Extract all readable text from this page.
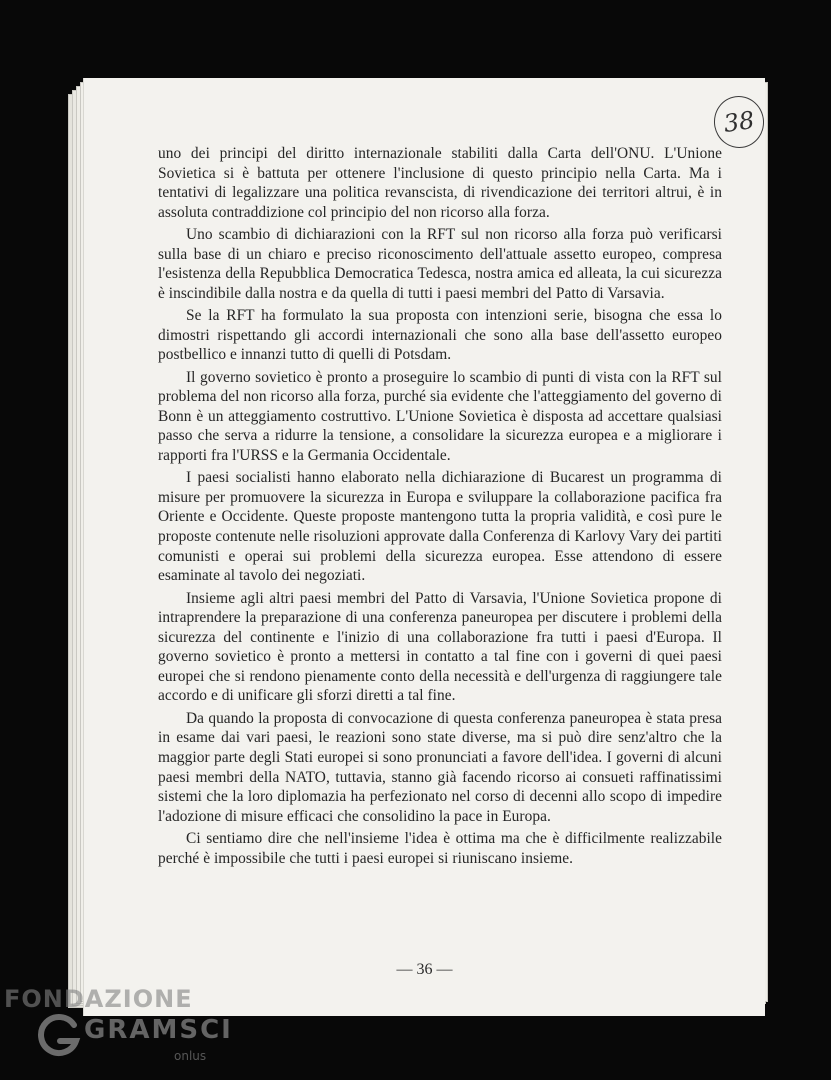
38

uno dei principi del diritto internazionale stabiliti dalla Carta dell'ONU. L'Unione Sovietica si è battuta per ottenere l'inclusione di questo principio nella Carta. Ma i tentativi di legalizzare una politica revanscista, di rivendicazione dei territori altrui, è in assoluta contraddizione col principio del non ricorso alla forza.

Uno scambio di dichiarazioni con la RFT sul non ricorso alla forza può verificarsi sulla base di un chiaro e preciso riconoscimento dell'attuale assetto europeo, compresa l'esistenza della Repubblica Democratica Tedesca, nostra amica ed alleata, la cui sicurezza è inscindibile dalla nostra e da quella di tutti i paesi membri del Patto di Varsavia.

Se la RFT ha formulato la sua proposta con intenzioni serie, bisogna che essa lo dimostri rispettando gli accordi internazionali che sono alla base dell'assetto europeo postbellico e innanzi tutto di quelli di Potsdam.

Il governo sovietico è pronto a proseguire lo scambio di punti di vista con la RFT sul problema del non ricorso alla forza, purché sia evidente che l'atteggiamento del governo di Bonn è un atteggiamento costruttivo. L'Unione Sovietica è disposta ad accettare qualsiasi passo che serva a ridurre la tensione, a consolidare la sicurezza europea e a migliorare i rapporti fra l'URSS e la Germania Occidentale.

I paesi socialisti hanno elaborato nella dichiarazione di Bucarest un programma di misure per promuovere la sicurezza in Europa e sviluppare la collaborazione pacifica fra Oriente e Occidente. Queste proposte mantengono tutta la propria validità, e così pure le proposte contenute nelle risoluzioni approvate dalla Conferenza di Karlovy Vary dei partiti comunisti e operai sui problemi della sicurezza europea. Esse attendono di essere esaminate al tavolo dei negoziati.

Insieme agli altri paesi membri del Patto di Varsavia, l'Unione Sovietica propone di intraprendere la preparazione di una conferenza paneuropea per discutere i problemi della sicurezza del continente e l'inizio di una collaborazione fra tutti i paesi d'Europa. Il governo sovietico è pronto a mettersi in contatto a tal fine con i governi di quei paesi europei che si rendono pienamente conto della necessità e dell'urgenza di raggiungere tale accordo e di unificare gli sforzi diretti a tal fine.

Da quando la proposta di convocazione di questa conferenza paneuropea è stata presa in esame dai vari paesi, le reazioni sono state diverse, ma si può dire senz'altro che la maggior parte degli Stati europei si sono pronunciati a favore dell'idea. I governi di alcuni paesi membri della NATO, tuttavia, stanno già facendo ricorso ai consueti raffinatissimi sistemi che la loro diplomazia ha perfezionato nel corso di decenni allo scopo di impedire l'adozione di misure efficaci che consolidino la pace in Europa.

Ci sentiamo dire che nell'insieme l'idea è ottima ma che è difficilmente realizzabile perché è impossibile che tutti i paesi europei si riuniscano insieme.

— 36 —
FONDAZIONE
GRAMSCI
onlus
